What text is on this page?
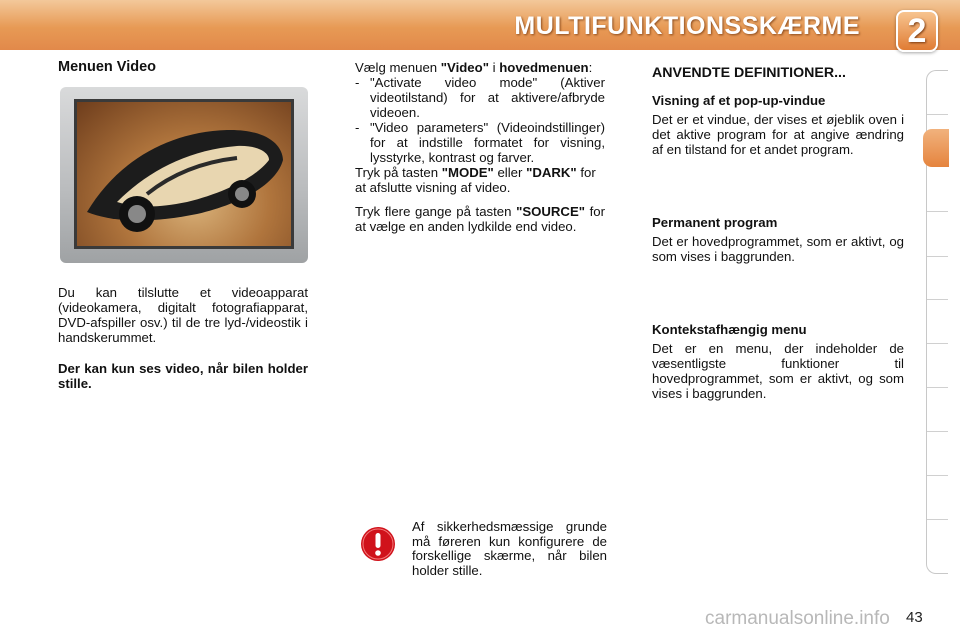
MULTIFUNKTIONSSKÆRME 2
Menuen Video
Du kan tilslutte et videoapparat (videokamera, digitalt fotografiapparat, DVD-afspiller osv.) til de tre lyd-/videostik i handskerummet.
Der kan kun ses video, når bilen holder stille.
Vælg menuen "Video" i hovedmenuen:
- "Activate video mode" (Aktiver videotilstand) for at aktivere/afbryde videoen.
- "Video parameters" (Videoindstillinger) for at indstille formatet for visning, lysstyrke, kontrast og farver.
Tryk på tasten "MODE" eller "DARK" for at afslutte visning af video.
Tryk flere gange på tasten "SOURCE" for at vælge en anden lydkilde end video.
Af sikkerhedsmæssige grunde må føreren kun konfigurere de forskellige skærme, når bilen holder stille.
ANVENDTE DEFINITIONER...
Visning af et pop-up-vindue
Det er et vindue, der vises et øjeblik oven i det aktive program for at angive ændring af en tilstand for et andet program.
Permanent program
Det er hovedprogrammet, som er aktivt, og som vises i baggrunden.
Kontekstafhængig menu
Det er en menu, der indeholder de væsentligste funktioner til hovedprogrammet, som er aktivt, og som vises i baggrunden.
carmanualsonline.info 43
